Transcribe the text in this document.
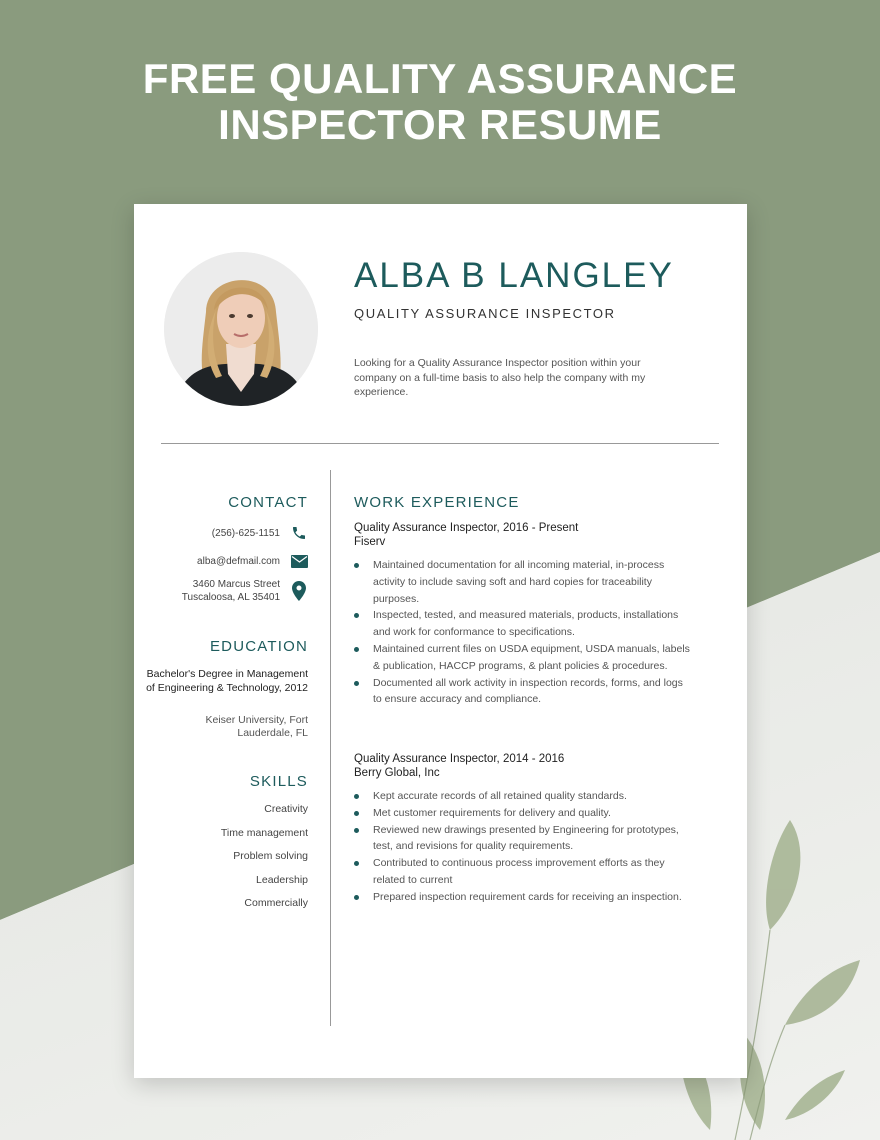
FREE QUALITY ASSURANCE
INSPECTOR RESUME
ALBA B LANGLEY
QUALITY ASSURANCE INSPECTOR
Looking for a Quality Assurance Inspector position within your company on a full-time basis to also help the company with my experience.
CONTACT
(256)-625-1151
alba@defmail.com
3460 Marcus Street
Tuscaloosa, AL 35401
EDUCATION
Bachelor's Degree in Management of Engineering & Technology, 2012
Keiser University, Fort Lauderdale, FL
SKILLS
Creativity
Time management
Problem solving
Leadership
Commercially
WORK EXPERIENCE
Quality Assurance Inspector, 2016 - Present
Fiserv
Maintained documentation for all incoming material, in-process activity to include saving soft and hard copies for traceability purposes.
Inspected, tested, and measured materials, products, installations and work for conformance to specifications.
Maintained current files on USDA equipment, USDA manuals, labels & publication, HACCP programs, & plant policies & procedures.
Documented all work activity in inspection records, forms, and logs to ensure accuracy and compliance.
Quality Assurance Inspector, 2014 - 2016
Berry Global, Inc
Kept accurate records of all retained quality standards.
Met customer requirements for delivery and quality.
Reviewed new drawings presented by Engineering for prototypes, test, and revisions for quality requirements.
Contributed to continuous process improvement efforts as they related to current
Prepared inspection requirement cards for receiving an inspection.
